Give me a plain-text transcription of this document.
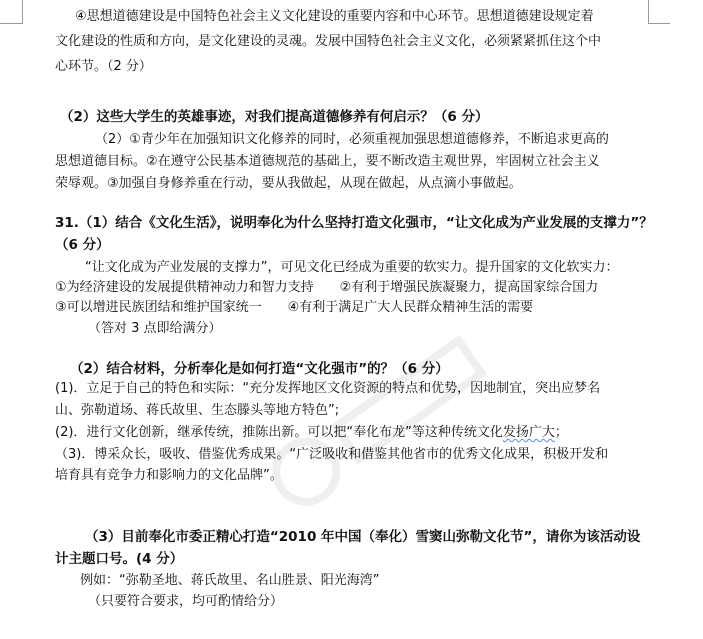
④思想道德建设是中国特色社会主义文化建设的重要内容和中心环节。思想道德建设规定着
文化建设的性质和方向，是文化建设的灵魂。发展中国特色社会主义文化，必须紧紧抓住这个中
心环节。（2 分）
（2）这些大学生的英雄事迹，对我们提高道德修养有何启示？（6 分）
（2）①青少年在加强知识文化修养的同时，必须重视加强思想道德修养，不断追求更高的
思想道德目标。②在遵守公民基本道德规范的基础上，要不断改造主观世界，牢固树立社会主义
荣辱观。③加强自身修养重在行动，要从我做起，从现在做起，从点滴小事做起。
31.（1）结合《文化生活》，说明奉化为什么坚持打造文化强市，“让文化成为产业发展的支撑力”？
（6 分）
“让文化成为产业发展的支撑力”，可见文化已经成为重要的软实力。提升国家的文化软实力：
①为经济建设的发展提供精神动力和智力支持　　②有利于增强民族凝聚力，提高国家综合国力
③可以增进民族团结和维护国家统一　　④有利于满足广大人民群众精神生活的需要
（答对 3 点即给满分）
（2）结合材料，分析奉化是如何打造“文化强市”的？（6 分）
(1)．立足于自己的特色和实际：“充分发挥地区文化资源的特点和优势，因地制宜，突出应梦名
山、弥勒道场、蒋氏故里、生态滕头等地方特色”;
(2)．进行文化创新，继承传统，推陈出新。可以把“奉化布龙”等这种传统文化发扬广大；
（3)．博采众长，吸收、借鉴优秀成果。“广泛吸收和借鉴其他省市的优秀文化成果，积极开发和
培育具有竞争力和影响力的文化品牌”。
（3）目前奉化市委正精心打造“2010 年中国（奉化）雪窦山弥勒文化节”，请你为该活动设
计主题口号。(4 分）
例如：“弥勒圣地、蒋氏故里、名山胜景、阳光海湾”
（只要符合要求，均可酌情给分）
